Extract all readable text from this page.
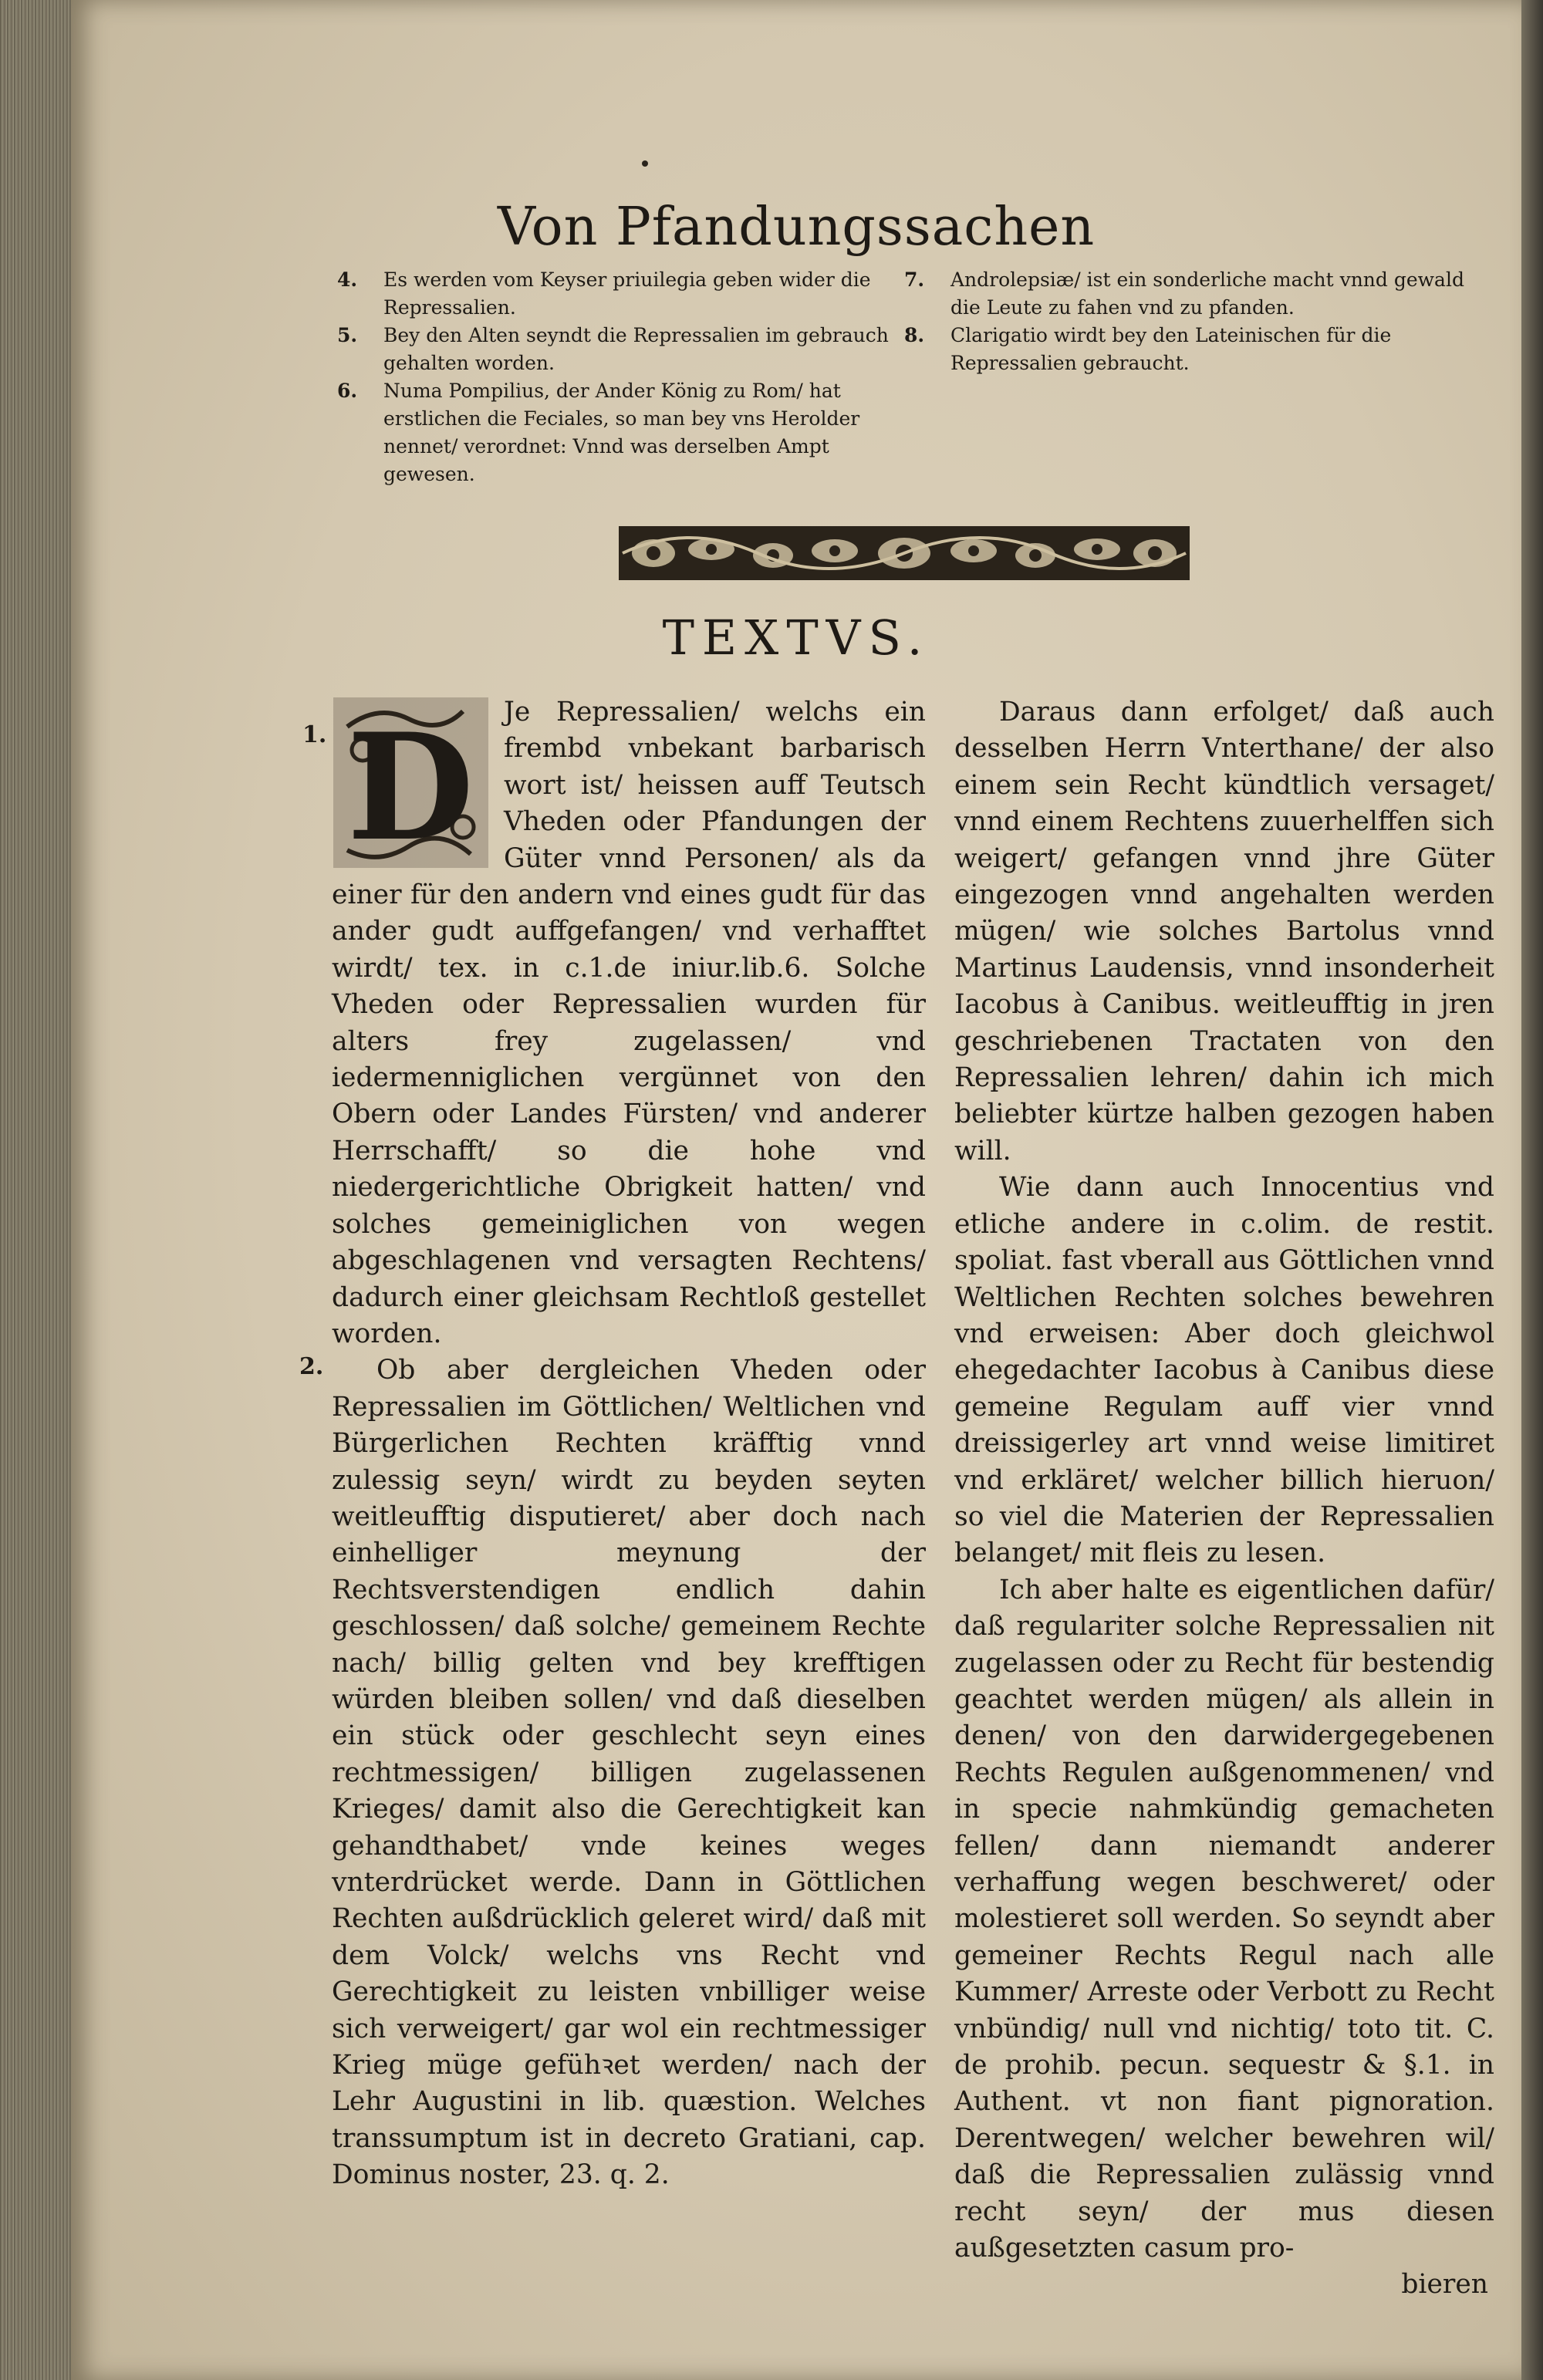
Von Pfandungssachen
4.	Es werden vom Keyser priuilegia geben wider die Repressalien.
5.	Bey den Alten seyndt die Repressalien im gebrauch gehalten worden.
6.	Numa Pompilius, der Ander König zu Rom/ hat erstlichen die Feciales, so man bey vns Herolder nennet/ verordnet: Vnnd was derselben Ampt gewesen.
7.	Androlepsiæ/ ist ein sonderliche macht vnnd gewald die Leute zu fahen vnd zu pfanden.
8.	Clarigatio wirdt bey den Lateinischen für die Repressalien gebraucht.
TEXTVS.
1.
2.
D	Je Repressalien/ welchs ein frembd vnbekant barbarisch wort ist/ heissen auff Teutsch Vheden oder Pfandungen der Güter vnnd Personen/ als da einer für den andern vnd eines gudt für das ander gudt auffgefangen/ vnd verhafftet wirdt/ tex. in c.1.de iniur.lib.6. Solche Vheden oder Repressalien wurden für alters frey zugelassen/ vnd iedermenniglichen vergünnet von den Obern oder Landes Fürsten/ vnd anderer Herrschafft/ so die hohe vnd niedergerichtliche Obrigkeit hatten/ vnd solches gemeiniglichen von wegen abgeschlagenen vnd versagten Rechtens/ dadurch einer gleichsam Rechtloß gestellet worden.

Ob aber dergleichen Vheden oder Repressalien im Göttlichen/ Weltlichen vnd Bürgerlichen Rechten kräfftig vnnd zulessig seyn/ wirdt zu beyden seyten weitleufftig disputieret/ aber doch nach einhelliger meynung der Rechtsverstendigen endlich dahin geschlossen/ daß solche/ gemeinem Rechte nach/ billig gelten vnd bey krefftigen würden bleiben sollen/ vnd daß dieselben ein stück oder geschlecht seyn eines rechtmessigen/ billigen zugelassenen Krieges/ damit also die Gerechtigkeit kan gehandthabet/ vnde keines weges vnterdrücket werde. Dann in Göttlichen Rechten außdrücklich geleret wird/ daß mit dem Volck/ welchs vns Recht vnd Gerechtigkeit zu leisten vnbilliger weise sich verweigert/ gar wol ein rechtmessiger Krieg müge gefühꝛet werden/ nach der Lehr Augustini in lib. quæstion. Welches transsumptum ist in decreto Gratiani, cap. Dominus noster, 23. q. 2.

Daraus dann erfolget/ daß auch desselben Herrn Vnterthane/ der also einem sein Recht kündtlich versaget/ vnnd einem Rechtens zuuerhelffen sich weigert/ gefangen vnnd jhre Güter eingezogen vnnd angehalten werden mügen/ wie solches Bartolus vnnd Martinus Laudensis, vnnd insonderheit Iacobus à Canibus. weitleufftig in jren geschriebenen Tractaten von den Repressalien lehren/ dahin ich mich beliebter kürtze halben gezogen haben will.

Wie dann auch Innocentius vnd etliche andere in c.olim. de restit. spoliat. fast vberall aus Göttlichen vnnd Weltlichen Rechten solches bewehren vnd erweisen: Aber doch gleichwol ehegedachter Iacobus à Canibus diese gemeine Regulam auff vier vnnd dreissigerley art vnnd weise limitiret vnd erkläret/ welcher billich hieruon/ so viel die Materien der Repressalien belanget/ mit fleis zu lesen.

Ich aber halte es eigentlichen dafür/ daß regulariter solche Repressalien nit zugelassen oder zu Recht für bestendig geachtet werden mügen/ als allein in denen/ von den darwidergegebenen Rechts Regulen außgenommenen/ vnd in specie nahmkündig gemacheten fellen/ dann niemandt anderer verhaffung wegen beschweret/ oder molestieret soll werden. So seyndt aber gemeiner Rechts Regul nach alle Kummer/ Arreste oder Verbott zu Recht vnbündig/ null vnd nichtig/ toto tit. C. de prohib. pecun. sequestr & §.1. in Authent. vt non fiant pignoration. Derentwegen/ welcher bewehren wil/ daß die Repressalien zulässig vnnd recht seyn/ der mus diesen außgesetzten casum pro-

bieren
